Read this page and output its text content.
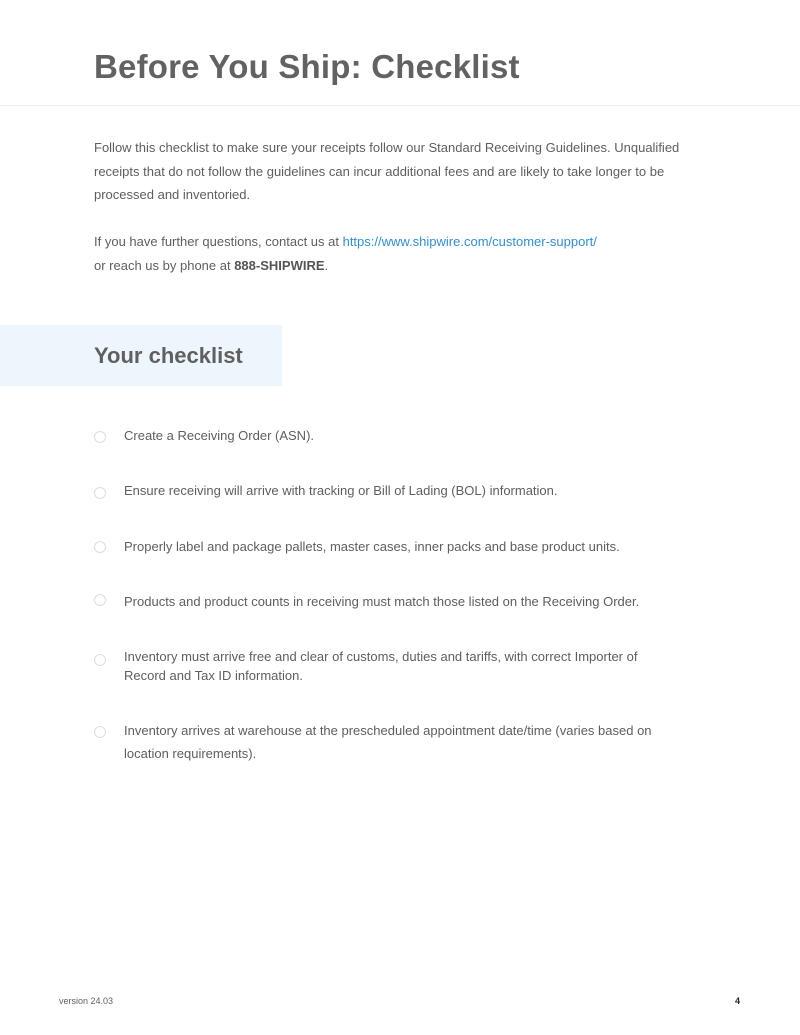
Before You Ship: Checklist

Follow this checklist to make sure your receipts follow our Standard Receiving Guidelines. Unqualified receipts that do not follow the guidelines can incur additional fees and are likely to take longer to be processed and inventoried.

If you have further questions, contact us at https://www.shipwire.com/customer-support/
or reach us by phone at 888-SHIPWIRE.

Your checklist
Create a Receiving Order (ASN).
Ensure receiving will arrive with tracking or Bill of Lading (BOL) information.
Properly label and package pallets, master cases, inner packs and base product units.
Products and product counts in receiving must match those listed on the Receiving Order.
Inventory must arrive free and clear of customs, duties and tariffs, with correct Importer of Record and Tax ID information.
Inventory arrives at warehouse at the prescheduled appointment date/time (varies based on location requirements).
version 24.03	4
